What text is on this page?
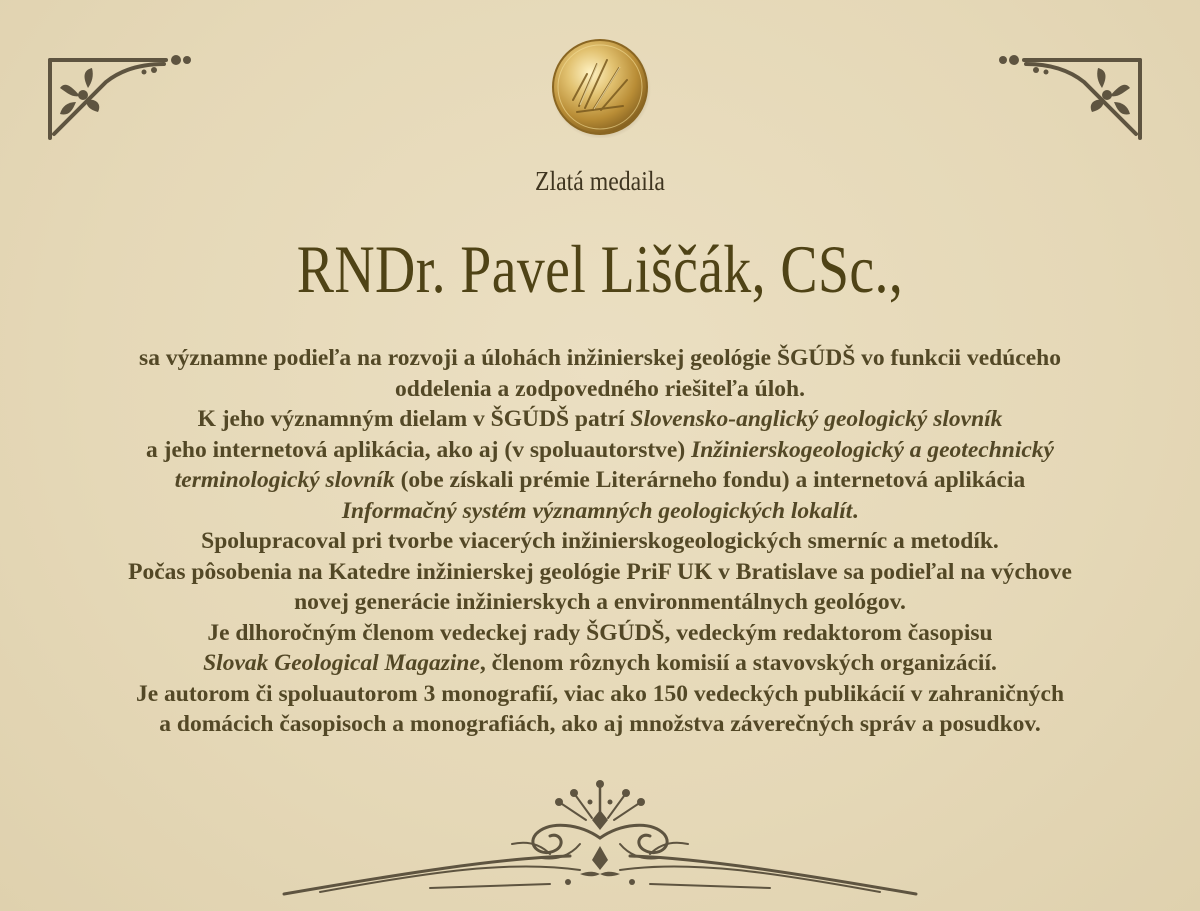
Zlatá medaila
RNDr. Pavel Liščák, CSc.,
sa významne podieľa na rozvoji a úlohách inžinierskej geológie ŠGÚDŠ vo funkcii vedúceho
oddelenia a zodpovedného riešiteľa úloh.
K jeho významným dielam v ŠGÚDŠ patrí Slovensko-anglický geologický slovník
a jeho internetová aplikácia, ako aj (v spoluautorstve) Inžinierskogeologický a geotechnický
terminologický slovník (obe získali prémie Literárneho fondu) a internetová aplikácia
Informačný systém významných geologických lokalít.
Spolupracoval pri tvorbe viacerých inžinierskogeologických smerníc a metodík.
Počas pôsobenia na Katedre inžinierskej geológie PriF UK v Bratislave sa podieľal na výchove
novej generácie inžinierskych a environmentálnych geológov.
Je dlhoročným členom vedeckej rady ŠGÚDŠ, vedeckým redaktorom časopisu
Slovak Geological Magazine, členom rôznych komisií a stavovských organizácií.
Je autorom či spoluautorom 3 monografií, viac ako 150 vedeckých publikácií v zahraničných
a domácich časopisoch a monografiách, ako aj množstva záverečných správ a posudkov.
